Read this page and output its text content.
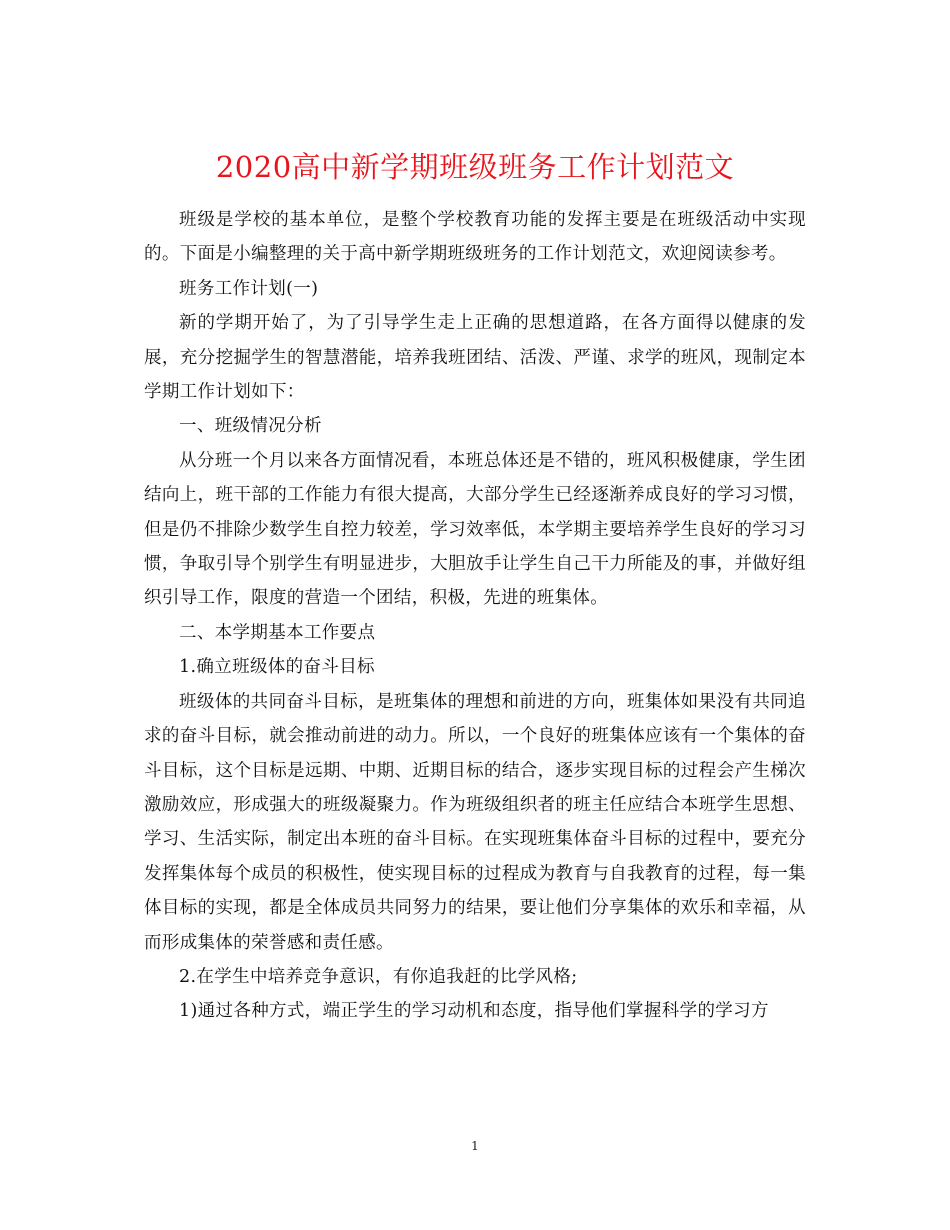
2020高中新学期班级班务工作计划范文

班级是学校的基本单位，是整个学校教育功能的发挥主要是在班级活动中实现的。下面是小编整理的关于高中新学期班级班务的工作计划范文，欢迎阅读参考。

班务工作计划(一)

新的学期开始了，为了引导学生走上正确的思想道路，在各方面得以健康的发展，充分挖掘学生的智慧潜能，培养我班团结、活泼、严谨、求学的班风，现制定本学期工作计划如下：

一、班级情况分析

从分班一个月以来各方面情况看，本班总体还是不错的，班风积极健康，学生团结向上，班干部的工作能力有很大提高，大部分学生已经逐渐养成良好的学习习惯，但是仍不排除少数学生自控力较差，学习效率低，本学期主要培养学生良好的学习习惯，争取引导个别学生有明显进步，大胆放手让学生自己干力所能及的事，并做好组织引导工作，限度的营造一个团结，积极，先进的班集体。

二、本学期基本工作要点

1.确立班级体的奋斗目标

班级体的共同奋斗目标，是班集体的理想和前进的方向，班集体如果没有共同追求的奋斗目标，就会推动前进的动力。所以，一个良好的班集体应该有一个集体的奋斗目标，这个目标是远期、中期、近期目标的结合，逐步实现目标的过程会产生梯次激励效应，形成强大的班级凝聚力。作为班级组织者的班主任应结合本班学生思想、学习、生活实际，制定出本班的奋斗目标。在实现班集体奋斗目标的过程中，要充分发挥集体每个成员的积极性，使实现目标的过程成为教育与自我教育的过程，每一集体目标的实现，都是全体成员共同努力的结果，要让他们分享集体的欢乐和幸福，从而形成集体的荣誉感和责任感。

2.在学生中培养竞争意识，有你追我赶的比学风格;

1)通过各种方式，端正学生的学习动机和态度，指导他们掌握科学的学习方

1
